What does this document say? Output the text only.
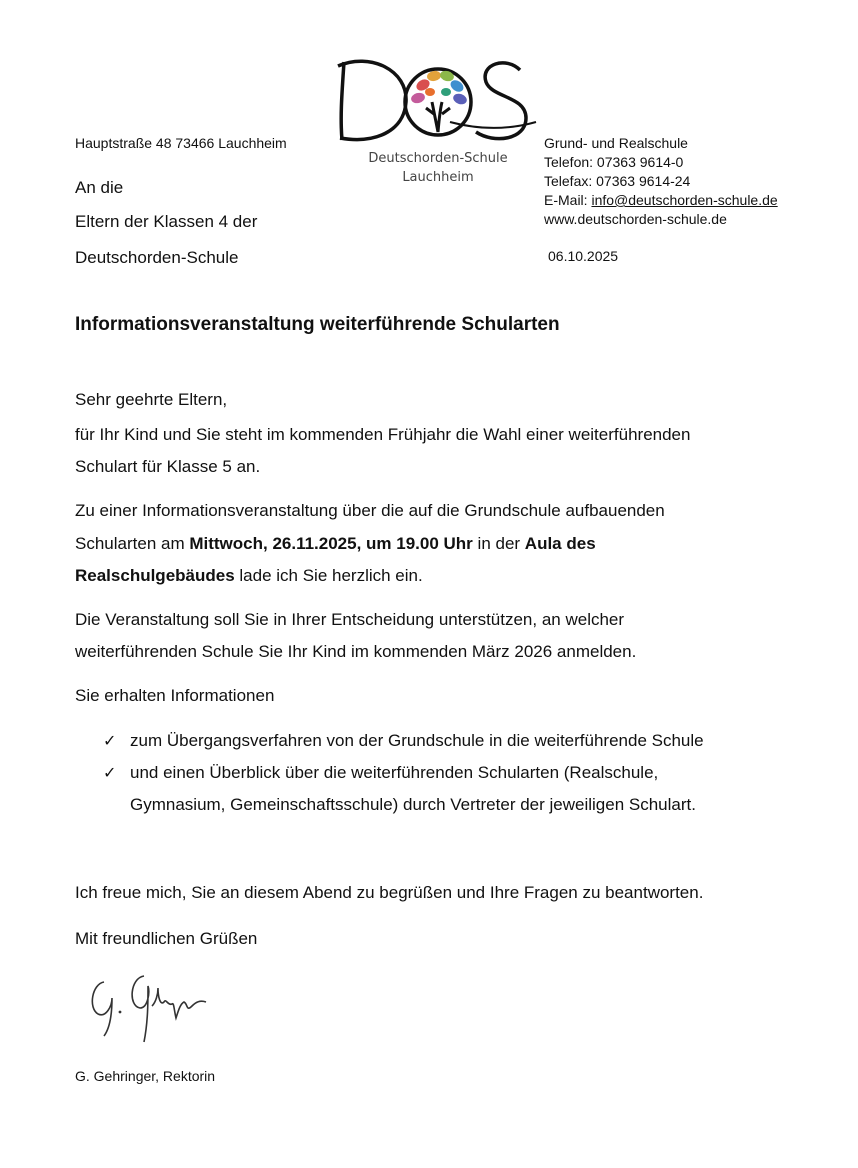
Hauptstraße 48 73466 Lauchheim
Deutschorden-Schule
Lauchheim
Grund- und Realschule
Telefon: 07363 9614-0
Telefax: 07363 9614-24
E-Mail: info@deutschorden-schule.de
www.deutschorden-schule.de
An die
Eltern der Klassen 4 der
Deutschorden-Schule	06.10.2025
Informationsveranstaltung weiterführende Schularten
Sehr geehrte Eltern,
für Ihr Kind und Sie steht im kommenden Frühjahr die Wahl einer weiterführenden
Schulart für Klasse 5 an.
Zu einer Informationsveranstaltung über die auf die Grundschule aufbauenden
Schularten am Mittwoch, 26.11.2025, um 19.00 Uhr in der Aula des
Realschulgebäudes lade ich Sie herzlich ein.
Die Veranstaltung soll Sie in Ihrer Entscheidung unterstützen, an welcher
weiterführenden Schule Sie Ihr Kind im kommenden März 2026 anmelden.
Sie erhalten Informationen
✓ zum Übergangsverfahren von der Grundschule in die weiterführende Schule
✓ und einen Überblick über die weiterführenden Schularten (Realschule,
Gymnasium, Gemeinschaftsschule) durch Vertreter der jeweiligen Schulart.
Ich freue mich, Sie an diesem Abend zu begrüßen und Ihre Fragen zu beantworten.
Mit freundlichen Grüßen
G. Gehringer, Rektorin
